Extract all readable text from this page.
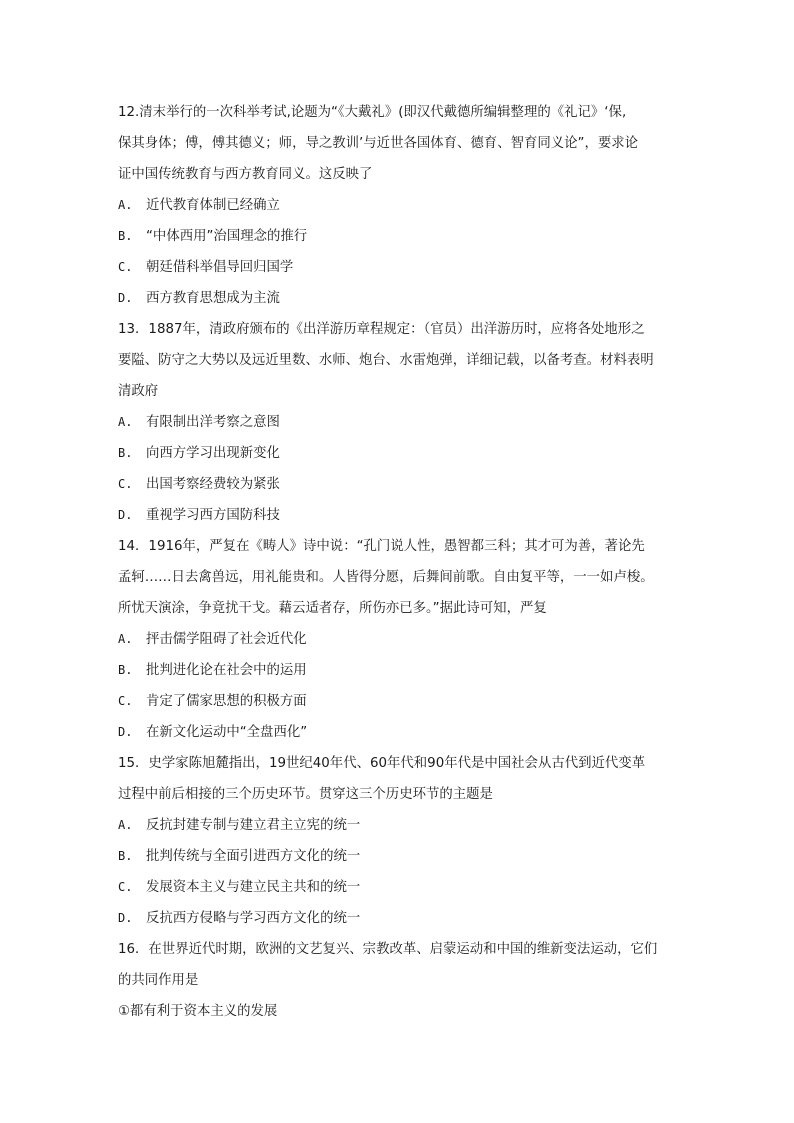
12.清末举行的一次科举考试,论题为“《大戴礼》(即汉代戴德所编辑整理的《礼记》‘保,
保其身体；傅，傅其德义；师，导之教训’与近世各国体育、德育、智育同义论”，要求论
证中国传统教育与西方教育同义。这反映了
A. 近代教育体制已经确立
B. “中体西用”治国理念的推行
C. 朝廷借科举倡导回归国学
D. 西方教育思想成为主流
13．1887年，清政府颁布的《出洋游历章程规定：（官员）出洋游历时，应将各处地形之
要隘、防守之大势以及远近里数、水师、炮台、水雷炮弹，详细记载，以备考查。材料表明
清政府
A. 有限制出洋考察之意图
B. 向西方学习出现新变化
C. 出国考察经费较为紧张
D. 重视学习西方国防科技
14．1916年，严复在《畴人》诗中说：“孔门说人性，愚智都三科；其才可为善，著论先
孟轲……日去禽兽远，用礼能贵和。人皆得分愿，后舞间前歌。自由复平等，一一如卢梭。
所忧天演涂，争竟扰干戈。藉云适者存，所伤亦已多。”据此诗可知，严复
A. 抨击儒学阻碍了社会近代化
B. 批判进化论在社会中的运用
C. 肯定了儒家思想的积极方面
D. 在新文化运动中“全盘西化”
15．史学家陈旭麓指出，19世纪40年代、60年代和90年代是中国社会从古代到近代变革
过程中前后相接的三个历史环节。贯穿这三个历史环节的主题是
A. 反抗封建专制与建立君主立宪的统一
B. 批判传统与全面引进西方文化的统一
C. 发展资本主义与建立民主共和的统一
D. 反抗西方侵略与学习西方文化的统一
16．在世界近代时期，欧洲的文艺复兴、宗教改革、启蒙运动和中国的维新变法运动，它们
的共同作用是
①都有利于资本主义的发展
